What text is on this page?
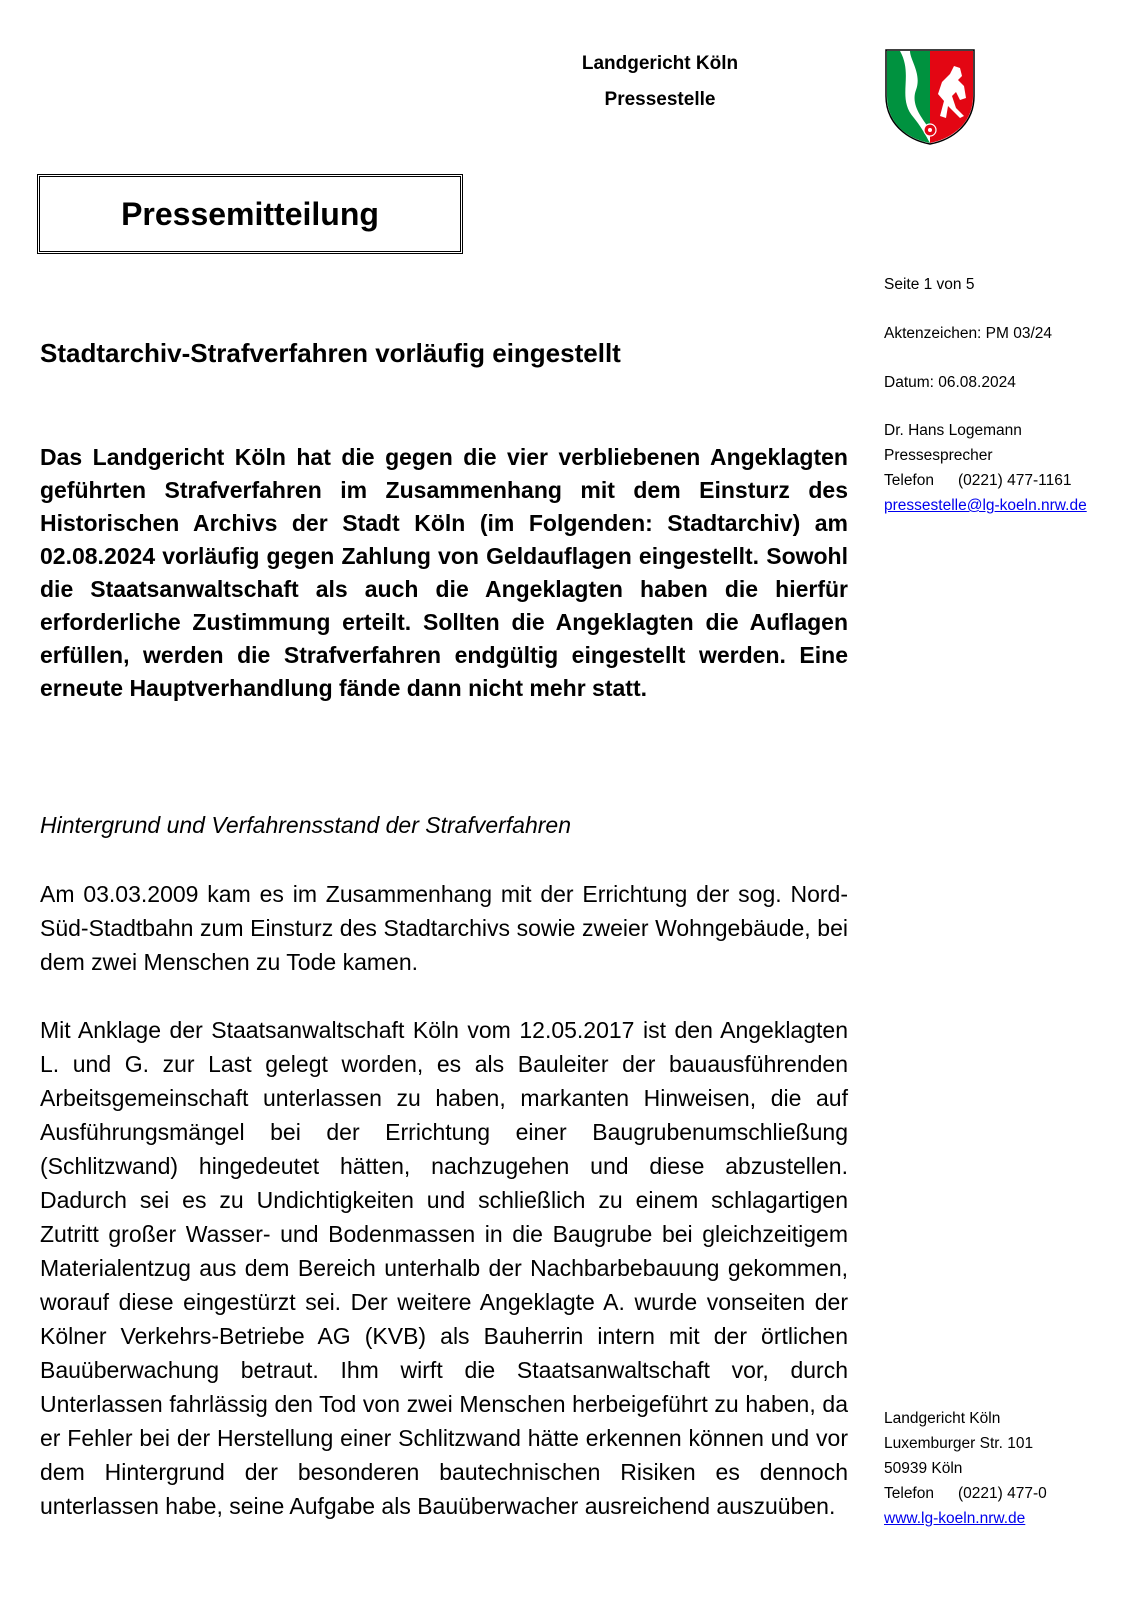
Landgericht Köln
Pressestelle
Pressemitteilung
Seite 1 von 5
Aktenzeichen: PM 03/24
Datum: 06.08.2024
Dr. Hans Logemann
Pressesprecher
Telefon (0221) 477-1161
pressestelle@lg-koeln.nrw.de
Stadtarchiv-Strafverfahren vorläufig eingestellt
Das Landgericht Köln hat die gegen die vier verbliebenen Angeklagten geführten Strafverfahren im Zusammenhang mit dem Einsturz des Historischen Archivs der Stadt Köln (im Folgenden: Stadtarchiv) am 02.08.2024 vorläufig gegen Zahlung von Geldauflagen eingestellt. Sowohl die Staatsanwaltschaft als auch die Angeklagten haben die hierfür erforderliche Zustimmung erteilt. Sollten die Angeklagten die Auflagen erfüllen, werden die Strafverfahren endgültig eingestellt werden. Eine erneute Hauptverhandlung fände dann nicht mehr statt.
Hintergrund und Verfahrensstand der Strafverfahren
Am 03.03.2009 kam es im Zusammenhang mit der Errichtung der sog. Nord-Süd-Stadtbahn zum Einsturz des Stadtarchivs sowie zweier Wohngebäude, bei dem zwei Menschen zu Tode kamen.
Mit Anklage der Staatsanwaltschaft Köln vom 12.05.2017 ist den Angeklagten L. und G. zur Last gelegt worden, es als Bauleiter der bauausführenden Arbeitsgemeinschaft unterlassen zu haben, markanten Hinweisen, die auf Ausführungsmängel bei der Errichtung einer Baugrubenumschließung (Schlitzwand) hingedeutet hätten, nachzugehen und diese abzustellen. Dadurch sei es zu Undichtigkeiten und schließlich zu einem schlagartigen Zutritt großer Wasser- und Bodenmassen in die Baugrube bei gleichzeitigem Materialentzug aus dem Bereich unterhalb der Nachbarbebauung gekommen, worauf diese eingestürzt sei. Der weitere Angeklagte A. wurde vonseiten der Kölner Verkehrs-Betriebe AG (KVB) als Bauherrin intern mit der örtlichen Bauüberwachung betraut. Ihm wirft die Staatsanwaltschaft vor, durch Unterlassen fahrlässig den Tod von zwei Menschen herbeigeführt zu haben, da er Fehler bei der Herstellung einer Schlitzwand hätte erkennen können und vor dem Hintergrund der besonderen bautechnischen Risiken es dennoch unterlassen habe, seine Aufgabe als Bauüberwacher ausreichend auszuüben.
Landgericht Köln
Luxemburger Str. 101
50939 Köln
Telefon (0221) 477-0
www.lg-koeln.nrw.de
